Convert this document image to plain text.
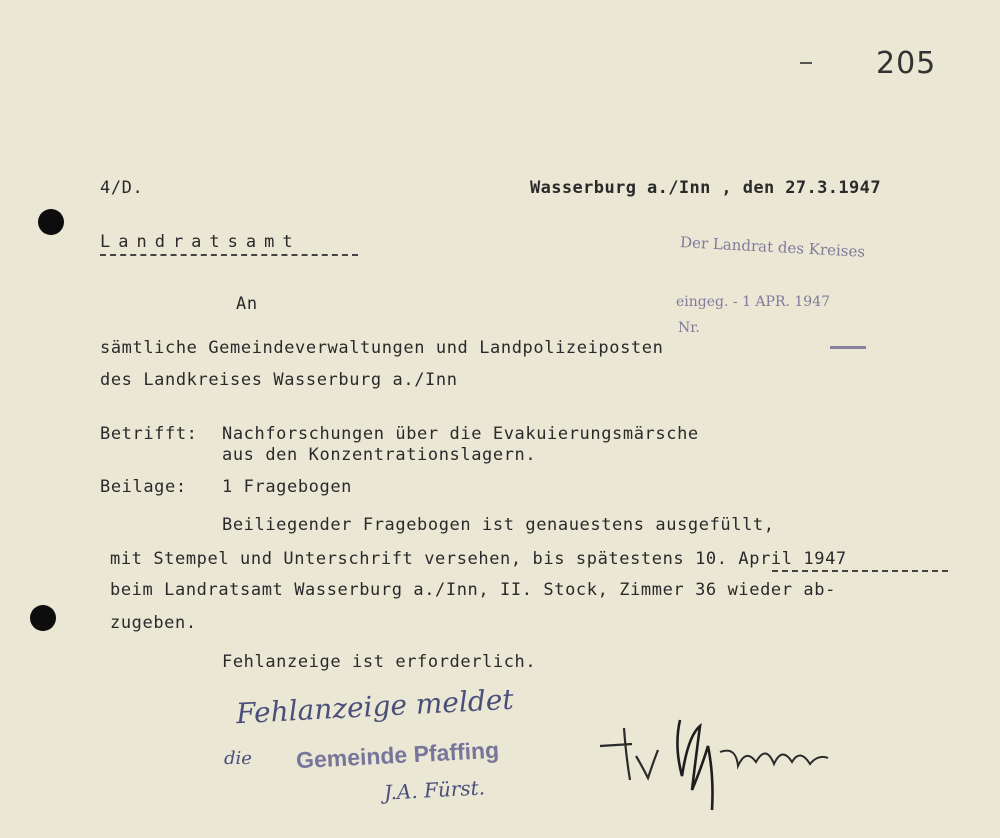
205
4/D.	Wasserburg a./Inn , den 27.3.1947
Landratsamt	Der Landrat des Kreises
eingeg. - 1 APR. 1947
Nr.
An
sämtliche Gemeindeverwaltungen und Landpolizeiposten
des Landkreises Wasserburg a./Inn
Betrifft: Nachforschungen über die Evakuierungsmärsche
aus den Konzentrationslagern.
Beilage: 1 Fragebogen
Beiliegender Fragebogen ist genauestens ausgefüllt,
mit Stempel und Unterschrift versehen, bis spätestens 10. April 1947
beim Landratsamt Wasserburg a./Inn, II. Stock, Zimmer 36 wieder ab-
zugeben.
Fehlanzeige ist erforderlich.
Fehlanzeige meldet
die Gemeinde Pfaffing
J.A. Fürst.
